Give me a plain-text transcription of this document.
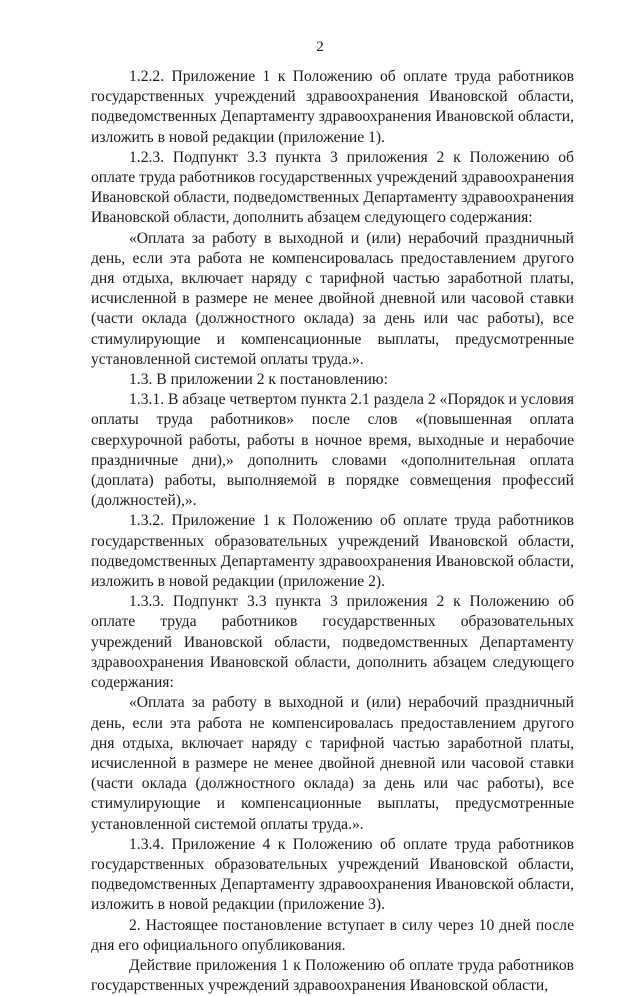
2

1.2.2. Приложение 1 к Положению об оплате труда работников государственных учреждений здравоохранения Ивановской области, подведомственных Департаменту здравоохранения Ивановской области, изложить в новой редакции (приложение 1).

1.2.3. Подпункт 3.3 пункта 3 приложения 2 к Положению об оплате труда работников государственных учреждений здравоохранения Ивановской области, подведомственных Департаменту здравоохранения Ивановской области, дополнить абзацем следующего содержания:

«Оплата за работу в выходной и (или) нерабочий праздничный день, если эта работа не компенсировалась предоставлением другого дня отдыха, включает наряду с тарифной частью заработной платы, исчисленной в размере не менее двойной дневной или часовой ставки (части оклада (должностного оклада) за день или час работы), все стимулирующие и компенсационные выплаты, предусмотренные установленной системой оплаты труда.».

1.3. В приложении 2 к постановлению:

1.3.1. В абзаце четвертом пункта 2.1 раздела 2 «Порядок и условия оплаты труда работников» после слов «(повышенная оплата сверхурочной работы, работы в ночное время, выходные и нерабочие праздничные дни),» дополнить словами «дополнительная оплата (доплата) работы, выполняемой в порядке совмещения профессий (должностей),».

1.3.2. Приложение 1 к Положению об оплате труда работников государственных образовательных учреждений Ивановской области, подведомственных Департаменту здравоохранения Ивановской области, изложить в новой редакции (приложение 2).

1.3.3. Подпункт 3.3 пункта 3 приложения 2 к Положению об оплате труда работников государственных образовательных учреждений Ивановской области, подведомственных Департаменту здравоохранения Ивановской области, дополнить абзацем следующего содержания:

«Оплата за работу в выходной и (или) нерабочий праздничный день, если эта работа не компенсировалась предоставлением другого дня отдыха, включает наряду с тарифной частью заработной платы, исчисленной в размере не менее двойной дневной или часовой ставки (части оклада (должностного оклада) за день или час работы), все стимулирующие и компенсационные выплаты, предусмотренные установленной системой оплаты труда.».

1.3.4. Приложение 4 к Положению об оплате труда работников государственных образовательных учреждений Ивановской области, подведомственных Департаменту здравоохранения Ивановской области, изложить в новой редакции (приложение 3).

2. Настоящее постановление вступает в силу через 10 дней после дня его официального опубликования.

Действие приложения 1 к Положению об оплате труда работников государственных учреждений здравоохранения Ивановской области,
